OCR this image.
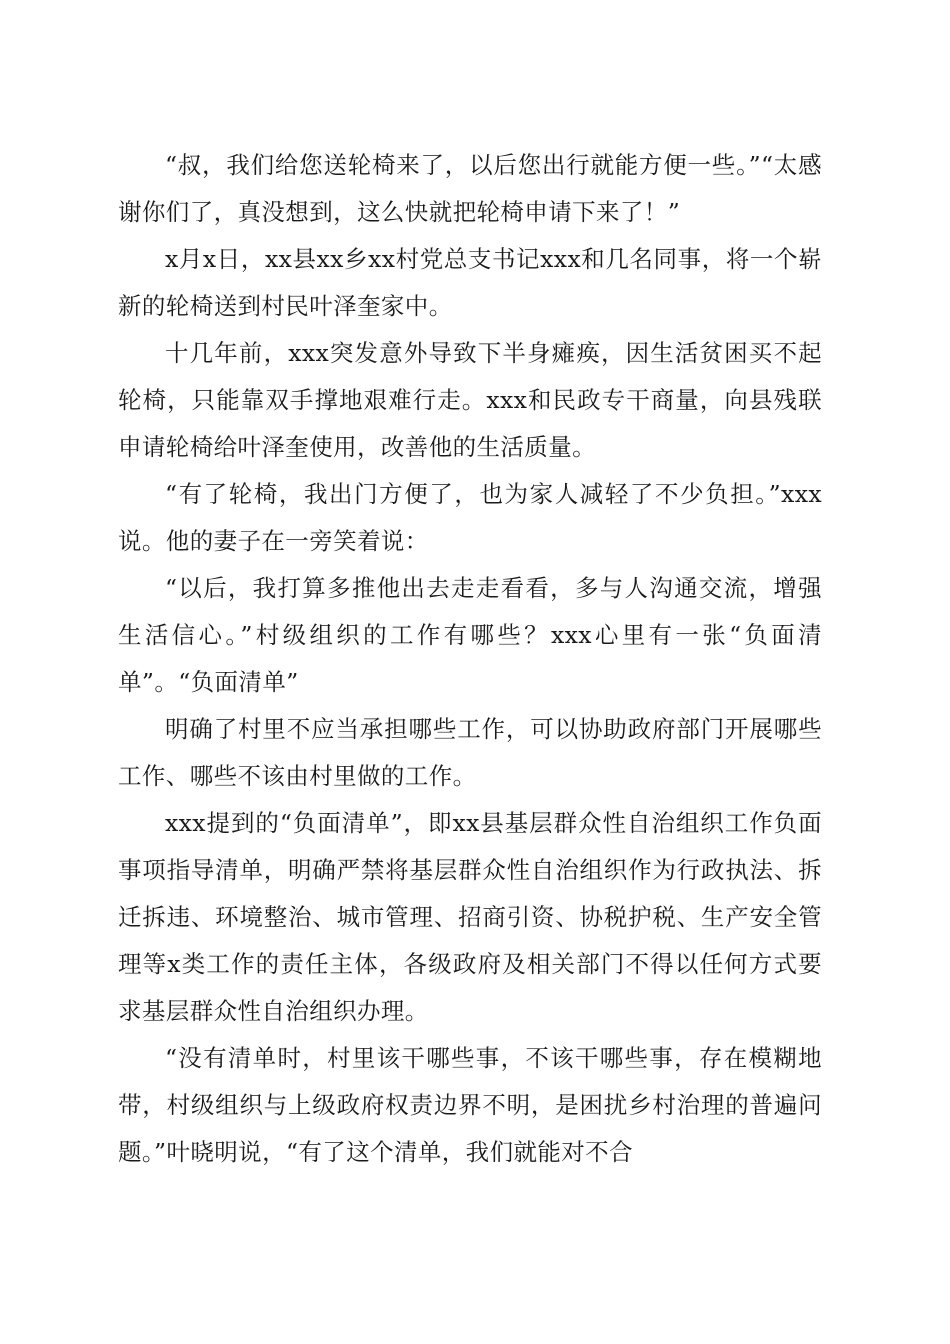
“叔，我们给您送轮椅来了，以后您出行就能方便一些。”“太感谢你们了，真没想到，这么快就把轮椅申请下来了！”

x月x日，xx县xx乡xx村党总支书记xxx和几名同事，将一个崭新的轮椅送到村民叶泽奎家中。

十几年前，xxx突发意外导致下半身瘫痪，因生活贫困买不起轮椅，只能靠双手撑地艰难行走。xxx和民政专干商量，向县残联申请轮椅给叶泽奎使用，改善他的生活质量。

“有了轮椅，我出门方便了，也为家人减轻了不少负担。”xxx说。他的妻子在一旁笑着说：

“以后，我打算多推他出去走走看看，多与人沟通交流，增强生活信心。”村级组织的工作有哪些？xxx心里有一张“负面清单”。“负面清单”

明确了村里不应当承担哪些工作，可以协助政府部门开展哪些工作、哪些不该由村里做的工作。

xxx提到的“负面清单”，即xx县基层群众性自治组织工作负面事项指导清单，明确严禁将基层群众性自治组织作为行政执法、拆迁拆违、环境整治、城市管理、招商引资、协税护税、生产安全管理等x类工作的责任主体，各级政府及相关部门不得以任何方式要求基层群众性自治组织办理。

“没有清单时，村里该干哪些事，不该干哪些事，存在模糊地带，村级组织与上级政府权责边界不明，是困扰乡村治理的普遍问题。”叶晓明说，“有了这个清单，我们就能对不合
